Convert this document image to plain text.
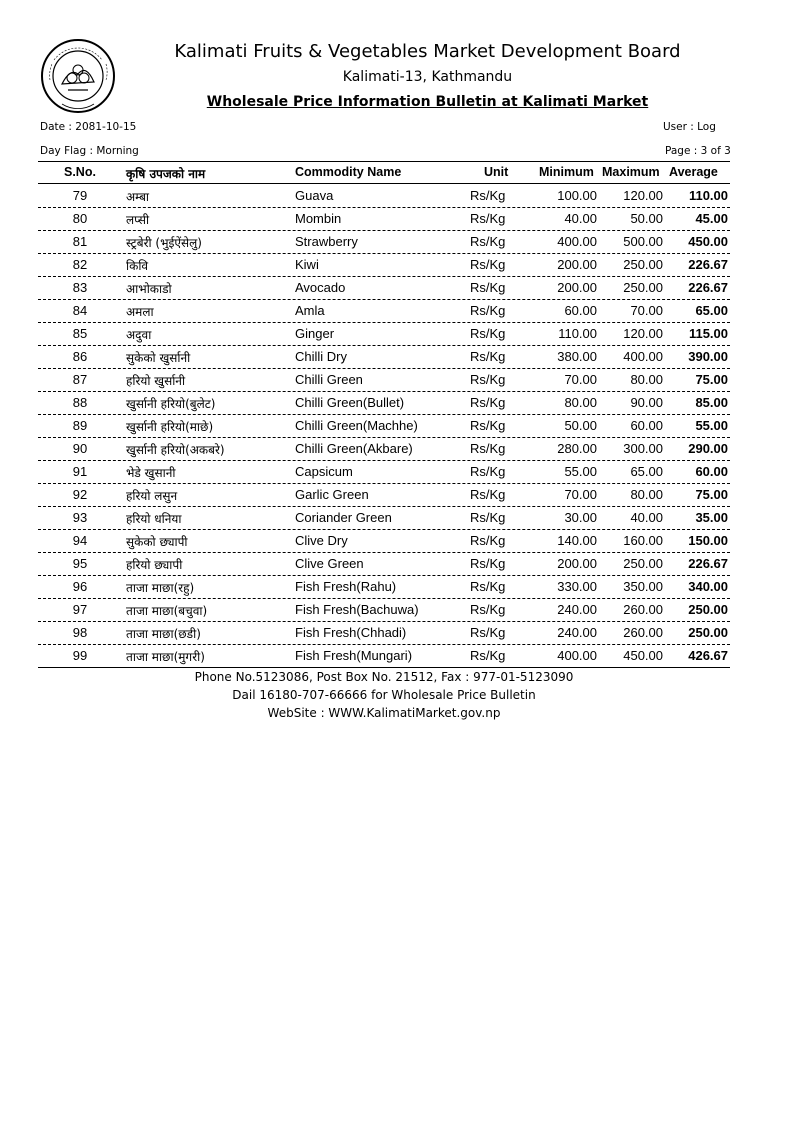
Kalimati Fruits & Vegetables Market Development Board
Kalimati-13, Kathmandu
Wholesale Price Information Bulletin at Kalimati Market
Date : 2081-10-15	User : Log
Day Flag : Morning	Page : 3 of 3
S.No.	कृषि उपजको नाम	Commodity Name	Unit Minimum Maximum Average
79	अम्बा	Guava	Rs/Kg	100.00	120.00	110.00
80	लप्सी	Mombin	Rs/Kg	40.00	50.00	45.00
81	स्ट्रबेरी (भुईऐंसेलु)	Strawberry	Rs/Kg	400.00	500.00	450.00
82	किवि	Kiwi	Rs/Kg	200.00	250.00	226.67
83	आभोकाडो	Avocado	Rs/Kg	200.00	250.00	226.67
84	अमला	Amla	Rs/Kg	60.00	70.00	65.00
85	अदुवा	Ginger	Rs/Kg	110.00	120.00	115.00
86	सुकेको खुर्सानी	Chilli Dry	Rs/Kg	380.00	400.00	390.00
87	हरियो खुर्सानी	Chilli Green	Rs/Kg	70.00	80.00	75.00
88	खुर्सानी हरियो(बुलेट)	Chilli Green(Bullet)	Rs/Kg	80.00	90.00	85.00
89	खुर्सानी हरियो(माछे)	Chilli Green(Machhe)	Rs/Kg	50.00	60.00	55.00
90	खुर्सानी हरियो(अकबरे)	Chilli Green(Akbare)	Rs/Kg	280.00	300.00	290.00
91	भेडे खुसानी	Capsicum	Rs/Kg	55.00	65.00	60.00
92	हरियो लसुन	Garlic Green	Rs/Kg	70.00	80.00	75.00
93	हरियो धनिया	Coriander Green	Rs/Kg	30.00	40.00	35.00
94	सुकेको छ्यापी	Clive Dry	Rs/Kg	140.00	160.00	150.00
95	हरियो छ्यापी	Clive Green	Rs/Kg	200.00	250.00	226.67
96	ताजा माछा(रहु)	Fish Fresh(Rahu)	Rs/Kg	330.00	350.00	340.00
97	ताजा माछा(बचुवा)	Fish Fresh(Bachuwa)	Rs/Kg	240.00	260.00	250.00
98	ताजा माछा(छडी)	Fish Fresh(Chhadi)	Rs/Kg	240.00	260.00	250.00
99	ताजा माछा(मुगरी)	Fish Fresh(Mungari)	Rs/Kg	400.00	450.00	426.67
Phone No.5123086, Post Box No. 21512, Fax : 977-01-5123090
Dail 16180-707-66666 for Wholesale Price Bulletin
WebSite : WWW.KalimatiMarket.gov.np
